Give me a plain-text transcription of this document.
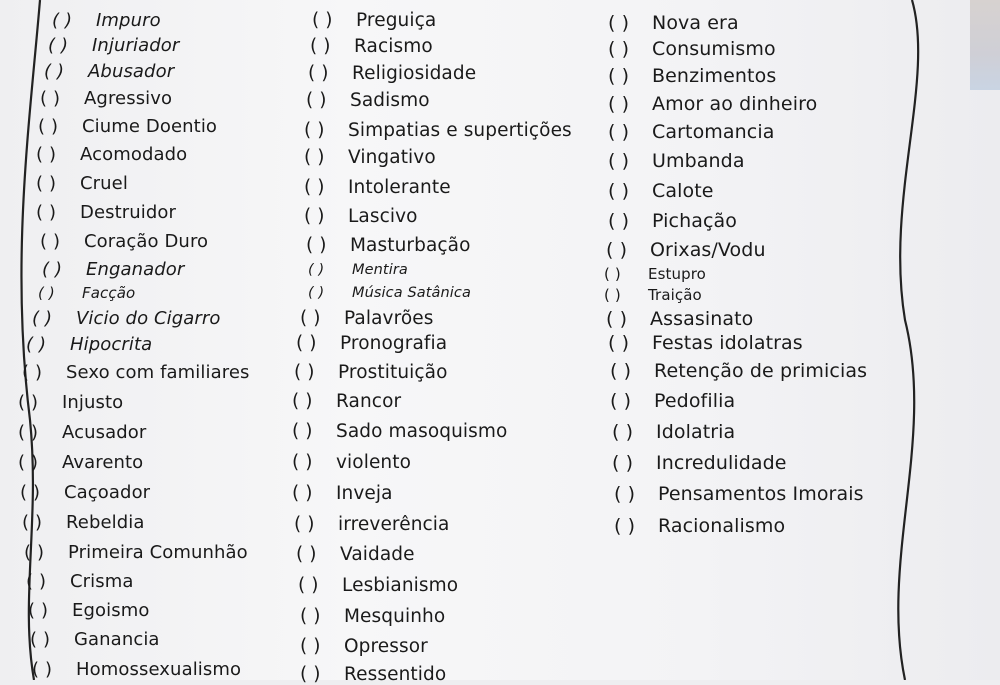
( ) Impuro
( ) Injuriador
( ) Abusador
( ) Agressivo
( ) Ciume Doentio
( ) Acomodado
( ) Cruel
( ) Destruidor
( ) Coração Duro
( ) Enganador
( ) Facção
( ) Vicio do Cigarro
( ) Hipocrita
( ) Sexo com familiares
( ) Injusto
( ) Acusador
( ) Avarento
( ) Caçoador
( ) Rebeldia
( ) Primeira Comunhão
( ) Crisma
( ) Egoismo
( ) Ganancia
( ) Homossexualismo
( ) Preguiça
( ) Racismo
( ) Religiosidade
( ) Sadismo
( ) Simpatias e supertições
( ) Vingativo
( ) Intolerante
( ) Lascivo
( ) Masturbação
( ) Mentira
( ) Música Satânica
( ) Palavrões
( ) Pronografia
( ) Prostituição
( ) Rancor
( ) Sado masoquismo
( ) violento
( ) Inveja
( ) irreverência
( ) Vaidade
( ) Lesbianismo
( ) Mesquinho
( ) Opressor
( ) Ressentido
( ) Nova era
( ) Consumismo
( ) Benzimentos
( ) Amor ao dinheiro
( ) Cartomancia
( ) Umbanda
( ) Calote
( ) Pichação
( ) Orixas/Vodu
( ) Estupro
( ) Traição
( ) Assasinato
( ) Festas idolatras
( ) Retenção de primicias
( ) Pedofilia
( ) Idolatria
( ) Incredulidade
( ) Pensamentos Imorais
( ) Racionalismo
